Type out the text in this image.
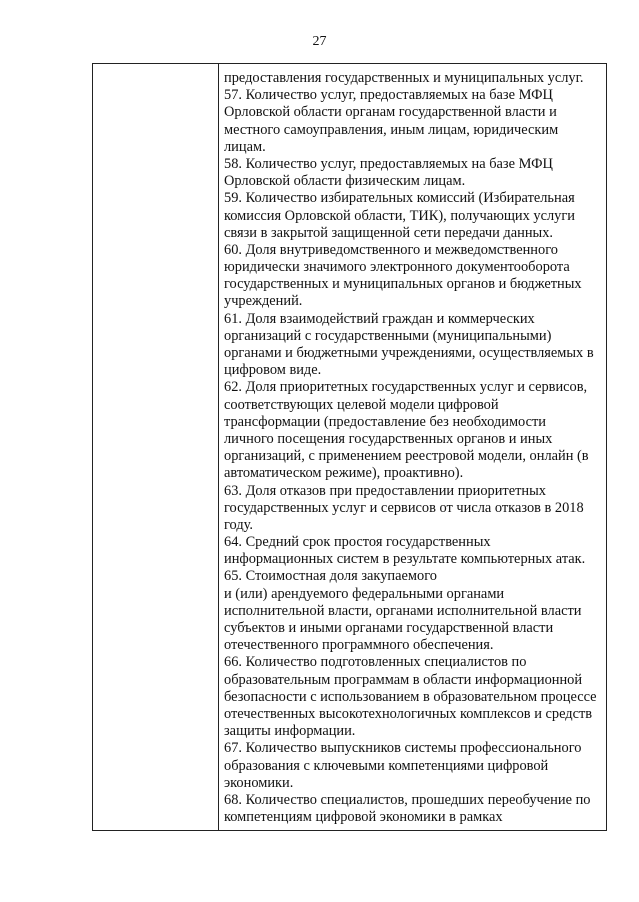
27
предоставления государственных и муниципальных услуг.
57. Количество услуг, предоставляемых на базе МФЦ
Орловской области органам государственной власти и
местного самоуправления, иным лицам, юридическим
лицам.
58. Количество услуг, предоставляемых на базе МФЦ
Орловской области физическим лицам.
59. Количество избирательных комиссий (Избирательная
комиссия Орловской области, ТИК), получающих услуги
связи в закрытой защищенной сети передачи данных.
60. Доля внутриведомственного и межведомственного
юридически значимого электронного документооборота
государственных и муниципальных органов и бюджетных
учреждений.
61. Доля взаимодействий граждан и коммерческих
организаций с государственными (муниципальными)
органами и бюджетными учреждениями, осуществляемых в
цифровом виде.
62. Доля приоритетных государственных услуг и сервисов,
соответствующих целевой модели цифровой
трансформации (предоставление без необходимости
личного посещения государственных органов и иных
организаций, с применением реестровой модели, онлайн (в
автоматическом режиме), проактивно).
63. Доля отказов при предоставлении приоритетных
государственных услуг и сервисов от числа отказов в 2018
году.
64. Средний срок простоя государственных
информационных систем в результате компьютерных атак.
65. Стоимостная доля закупаемого
и (или) арендуемого федеральными органами
исполнительной власти, органами исполнительной власти
субъектов и иными органами государственной власти
отечественного программного обеспечения.
66. Количество подготовленных специалистов по
образовательным программам в области информационной
безопасности с использованием в образовательном процессе
отечественных высокотехнологичных комплексов и средств
защиты информации.
67. Количество выпускников системы профессионального
образования с ключевыми компетенциями цифровой
экономики.
68. Количество специалистов, прошедших переобучение по
компетенциям цифровой экономики в рамках
